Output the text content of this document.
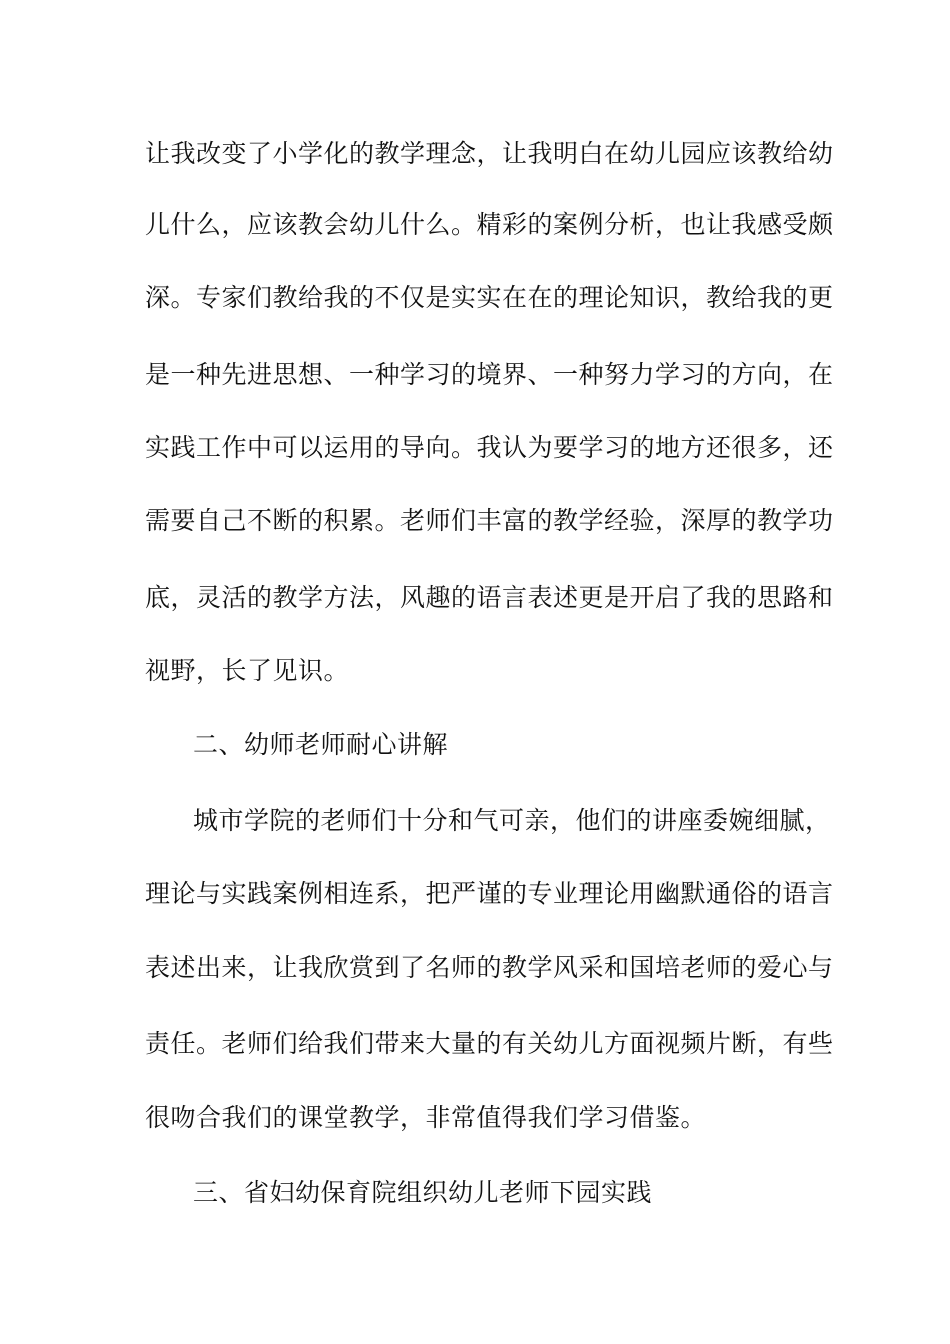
让我改变了小学化的教学理念，让我明白在幼儿园应该教给幼
儿什么，应该教会幼儿什么。精彩的案例分析，也让我感受颇
深。专家们教给我的不仅是实实在在的理论知识，教给我的更
是一种先进思想、一种学习的境界、一种努力学习的方向，在
实践工作中可以运用的导向。我认为要学习的地方还很多，还
需要自己不断的积累。老师们丰富的教学经验，深厚的教学功
底，灵活的教学方法，风趣的语言表述更是开启了我的思路和
视野，长了见识。
二、幼师老师耐心讲解
城市学院的老师们十分和气可亲，他们的讲座委婉细腻，
理论与实践案例相连系，把严谨的专业理论用幽默通俗的语言
表述出来，让我欣赏到了名师的教学风采和国培老师的爱心与
责任。老师们给我们带来大量的有关幼儿方面视频片断，有些
很吻合我们的课堂教学，非常值得我们学习借鉴。
三、省妇幼保育院组织幼儿老师下园实践
